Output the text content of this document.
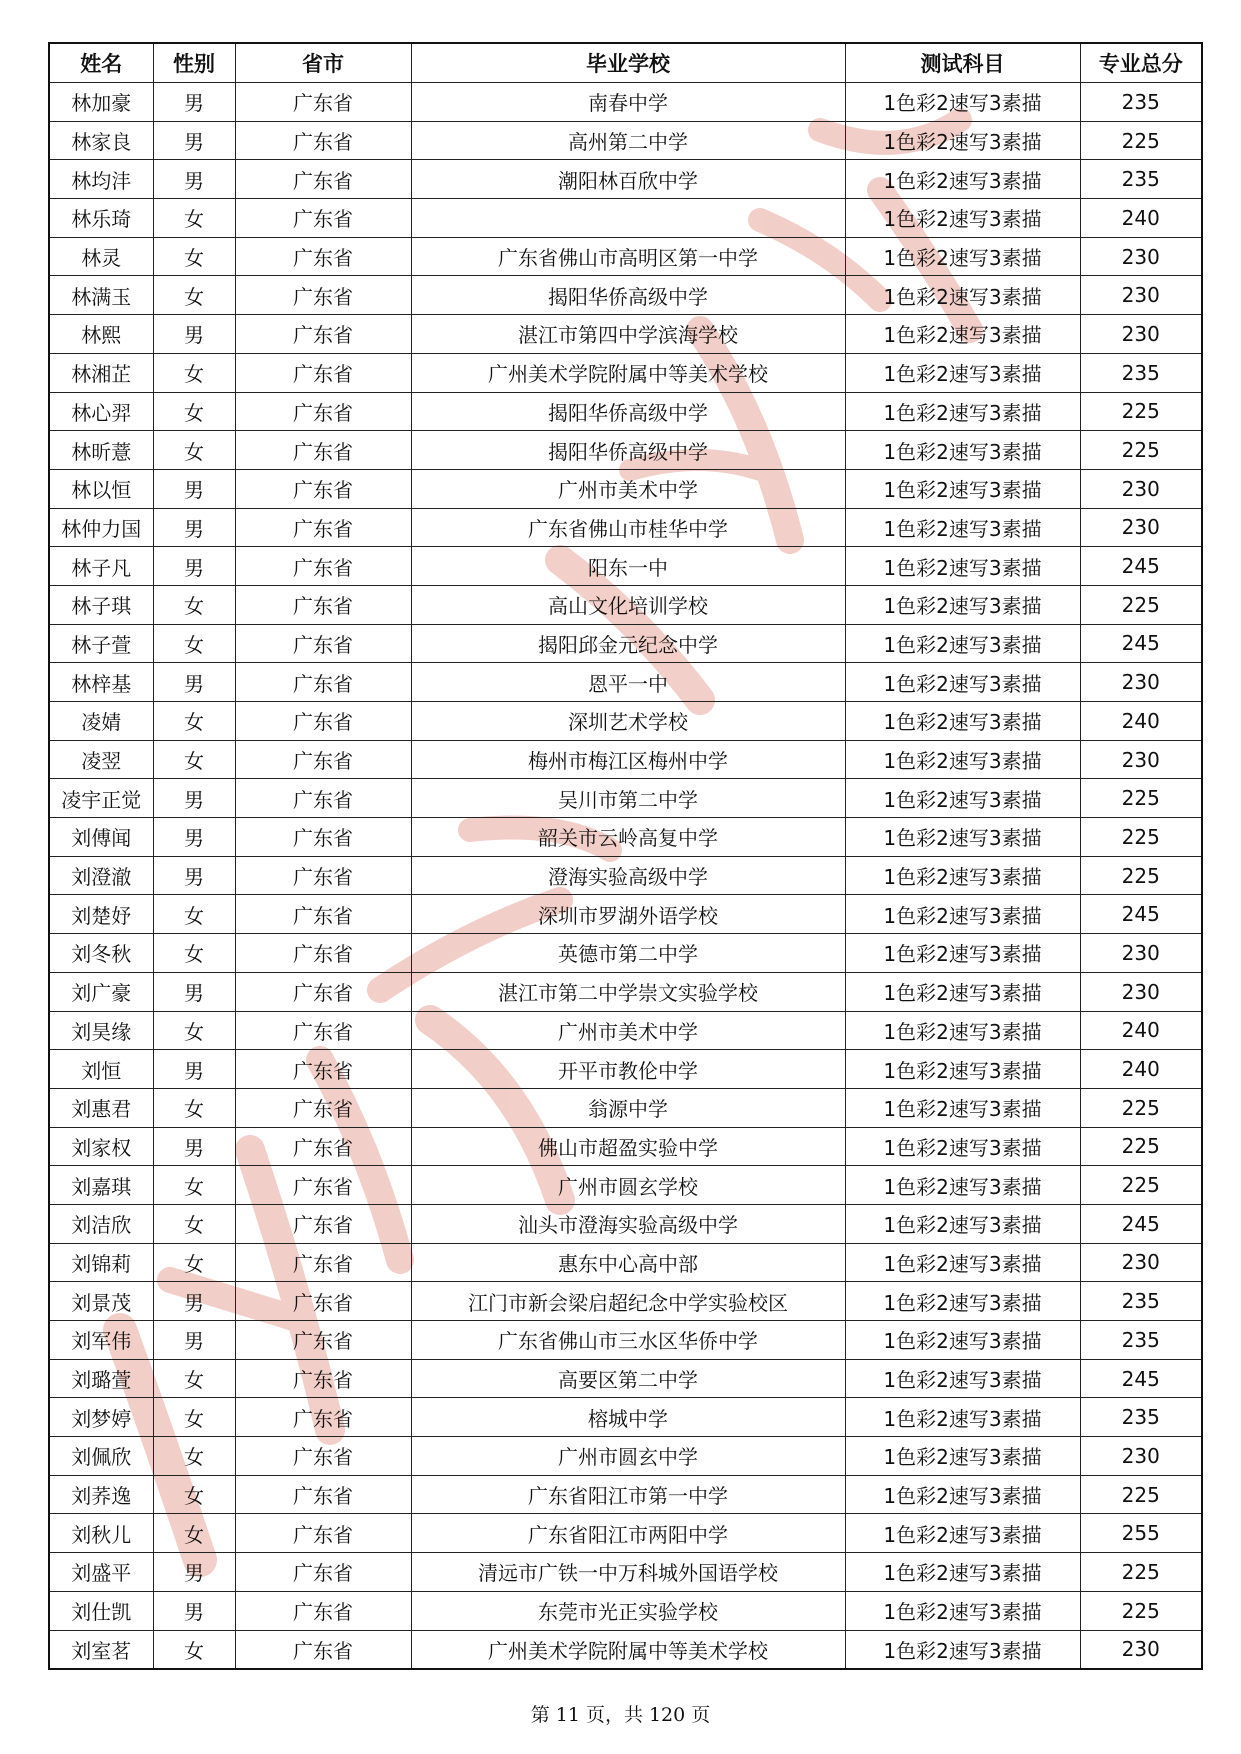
姓名	性别	省市	毕业学校	测试科目	专业总分
林加豪	男	广东省	南春中学	1色彩2速写3素描	235
林家良	男	广东省	高州第二中学	1色彩2速写3素描	225
林均沣	男	广东省	潮阳林百欣中学	1色彩2速写3素描	235
林乐琦	女	广东省		1色彩2速写3素描	240
林灵	女	广东省	广东省佛山市高明区第一中学	1色彩2速写3素描	230
林满玉	女	广东省	揭阳华侨高级中学	1色彩2速写3素描	230
林熙	男	广东省	湛江市第四中学滨海学校	1色彩2速写3素描	230
林湘芷	女	广东省	广州美术学院附属中等美术学校	1色彩2速写3素描	235
林心羿	女	广东省	揭阳华侨高级中学	1色彩2速写3素描	225
林昕薏	女	广东省	揭阳华侨高级中学	1色彩2速写3素描	225
林以恒	男	广东省	广州市美术中学	1色彩2速写3素描	230
林仲力国	男	广东省	广东省佛山市桂华中学	1色彩2速写3素描	230
林子凡	男	广东省	阳东一中	1色彩2速写3素描	245
林子琪	女	广东省	高山文化培训学校	1色彩2速写3素描	225
林子萱	女	广东省	揭阳邱金元纪念中学	1色彩2速写3素描	245
林梓基	男	广东省	恩平一中	1色彩2速写3素描	230
凌婧	女	广东省	深圳艺术学校	1色彩2速写3素描	240
凌翌	女	广东省	梅州市梅江区梅州中学	1色彩2速写3素描	230
凌宇正觉	男	广东省	吴川市第二中学	1色彩2速写3素描	225
刘傅闻	男	广东省	韶关市云岭高复中学	1色彩2速写3素描	225
刘澄澈	男	广东省	澄海实验高级中学	1色彩2速写3素描	225
刘楚妤	女	广东省	深圳市罗湖外语学校	1色彩2速写3素描	245
刘冬秋	女	广东省	英德市第二中学	1色彩2速写3素描	230
刘广豪	男	广东省	湛江市第二中学崇文实验学校	1色彩2速写3素描	230
刘昊缘	女	广东省	广州市美术中学	1色彩2速写3素描	240
刘恒	男	广东省	开平市教伦中学	1色彩2速写3素描	240
刘惠君	女	广东省	翁源中学	1色彩2速写3素描	225
刘家权	男	广东省	佛山市超盈实验中学	1色彩2速写3素描	225
刘嘉琪	女	广东省	广州市圆玄学校	1色彩2速写3素描	225
刘洁欣	女	广东省	汕头市澄海实验高级中学	1色彩2速写3素描	245
刘锦莉	女	广东省	惠东中心高中部	1色彩2速写3素描	230
刘景茂	男	广东省	江门市新会梁启超纪念中学实验校区	1色彩2速写3素描	235
刘军伟	男	广东省	广东省佛山市三水区华侨中学	1色彩2速写3素描	235
刘璐萱	女	广东省	高要区第二中学	1色彩2速写3素描	245
刘梦婷	女	广东省	榕城中学	1色彩2速写3素描	235
刘佩欣	女	广东省	广州市圆玄中学	1色彩2速写3素描	230
刘荞逸	女	广东省	广东省阳江市第一中学	1色彩2速写3素描	225
刘秋儿	女	广东省	广东省阳江市两阳中学	1色彩2速写3素描	255
刘盛平	男	广东省	清远市广铁一中万科城外国语学校	1色彩2速写3素描	225
刘仕凯	男	广东省	东莞市光正实验学校	1色彩2速写3素描	225
刘室茗	女	广东省	广州美术学院附属中等美术学校	1色彩2速写3素描	230
第 11 页，共 120 页
